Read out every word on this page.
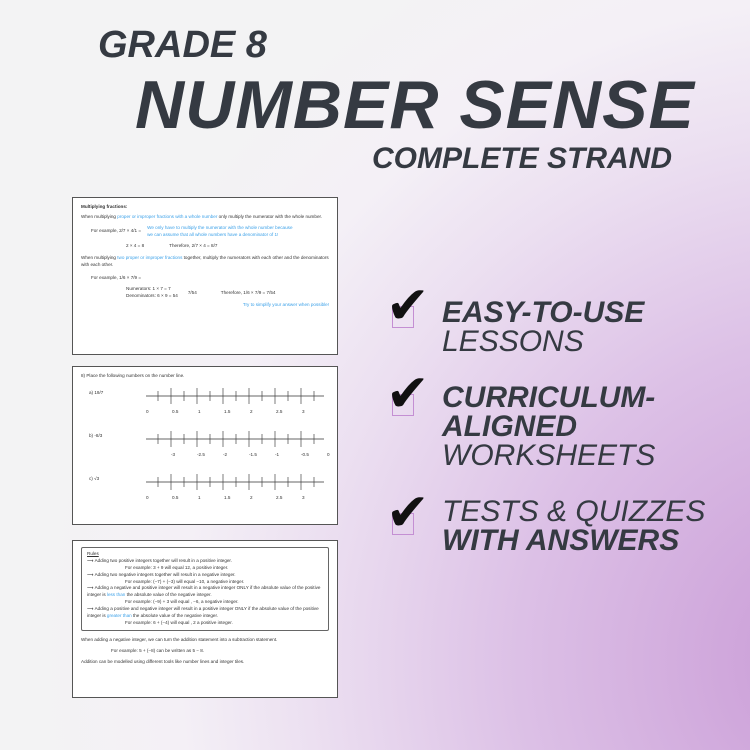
GRADE 8
NUMBER SENSE
COMPLETE STRAND
Multiplying fractions:
When multiplying proper or improper fractions with a whole number only multiply the numerator with the whole number.
For example, 2/7 × 4/1 =
We only have to multiply the numerator with the whole number because we can assume that all whole numbers have a denominator of 1!
2 × 4 = 8	Therefore, 2/7 × 4 = 8/7
When multiplying two proper or improper fractions together, multiply the numerators with each other and the denominators with each other.
For example, 1/6 × 7/9 =
Numerators: 1 × 7 = 7
Denominators: 6 × 9 = 54
7/54	Therefore, 1/6 × 7/9 = 7/54
Try to simplify your answer when possible!
8) Place the following numbers on the number line.
a) 19/7
0	0.5	1	1.5	2	2.5	3
b) -8/3
-3	-2.5	-2	-1.5	-1	-0.5	0
c) √3
0	0.5	1	1.5	2	2.5	3
Rules
⟶ Adding two positive integers together will result in a positive integer.
For example: 3 + 9 will equal 12, a positive integer.
⟶ Adding two negative integers together will result in a negative integer.
For example: (−7) + (−3) will equal −10, a negative integer.
⟶ Adding a negative and positive integer will result in a negative integer ONLY if the absolute value of the positive integer is less than the absolute value of the negative integer.
For example: (−9) + 3 will equal , −6, a negative integer.
⟶ Adding a positive and negative integer will result in a positive integer ONLY if the absolute value of the positive integer is greater than the absolute value of the negative integer.
For example: 6 + (−4) will equal , 2 a positive integer.
When adding a negative integer, we can turn the addition statement into a subtraction statement.
For example: 5 + (−8) can be written as 5 − 8.
Addition can be modelled using different tools like number lines and integer tiles.
✔ EASY-TO-USE
LESSONS
✔ CURRICULUM-
ALIGNED
WORKSHEETS
✔ TESTS & QUIZZES
WITH ANSWERS
